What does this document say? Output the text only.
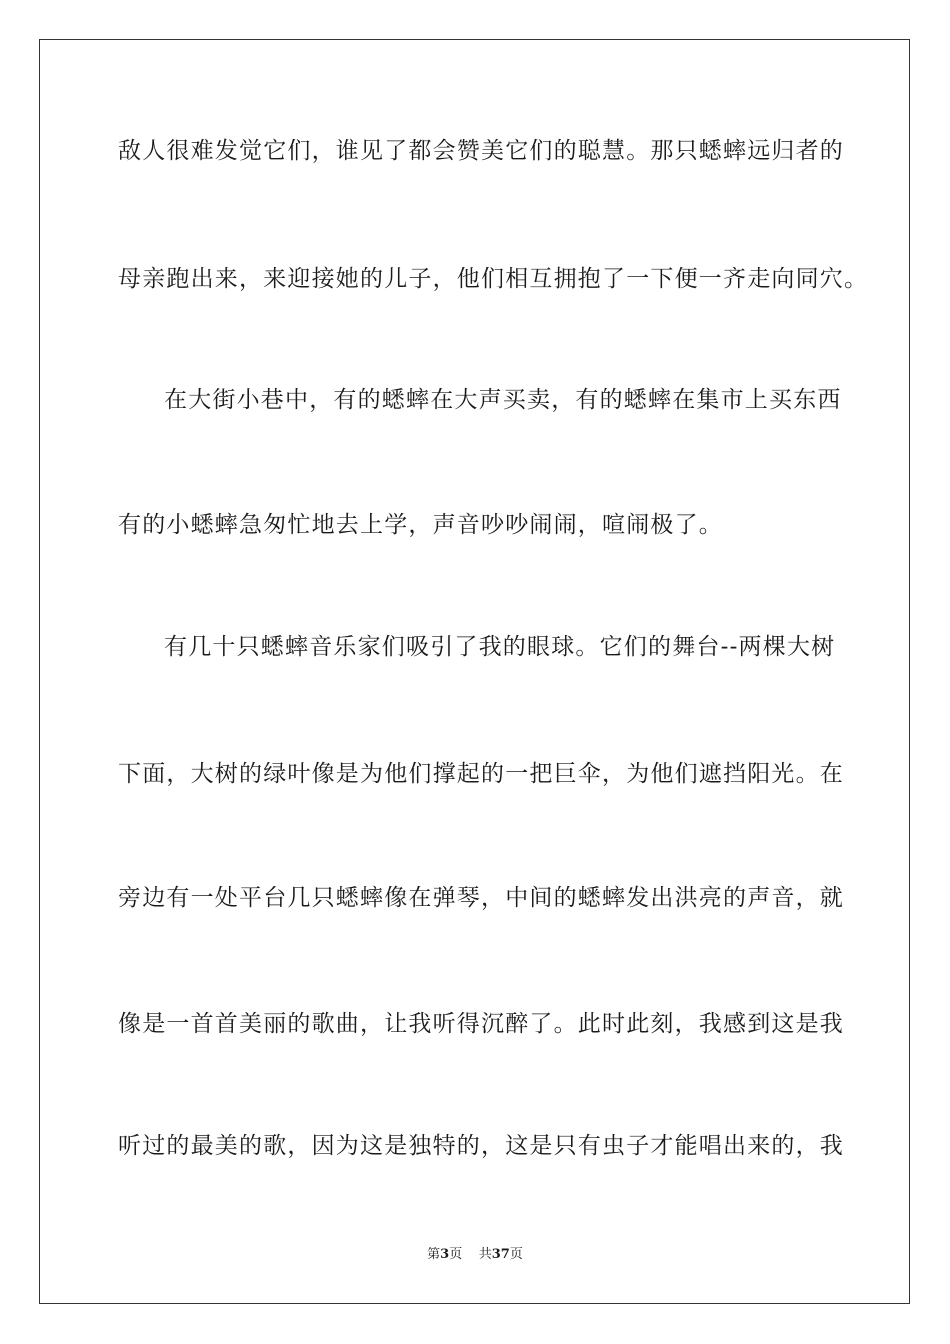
敌人很难发觉它们，谁见了都会赞美它们的聪慧。那只蟋蟀远归者的
母亲跑出来，来迎接她的儿子，他们相互拥抱了一下便一齐走向同穴。
在大街小巷中，有的蟋蟀在大声买卖，有的蟋蟀在集市上买东西
有的小蟋蟀急匆忙地去上学，声音吵吵闹闹，喧闹极了。
有几十只蟋蟀音乐家们吸引了我的眼球。它们的舞台--两棵大树
下面，大树的绿叶像是为他们撑起的一把巨伞，为他们遮挡阳光。在
旁边有一处平台几只蟋蟀像在弹琴，中间的蟋蟀发出洪亮的声音，就
像是一首首美丽的歌曲，让我听得沉醉了。此时此刻，我感到这是我
听过的最美的歌，因为这是独特的，这是只有虫子才能唱出来的，我
第3页 共37页
